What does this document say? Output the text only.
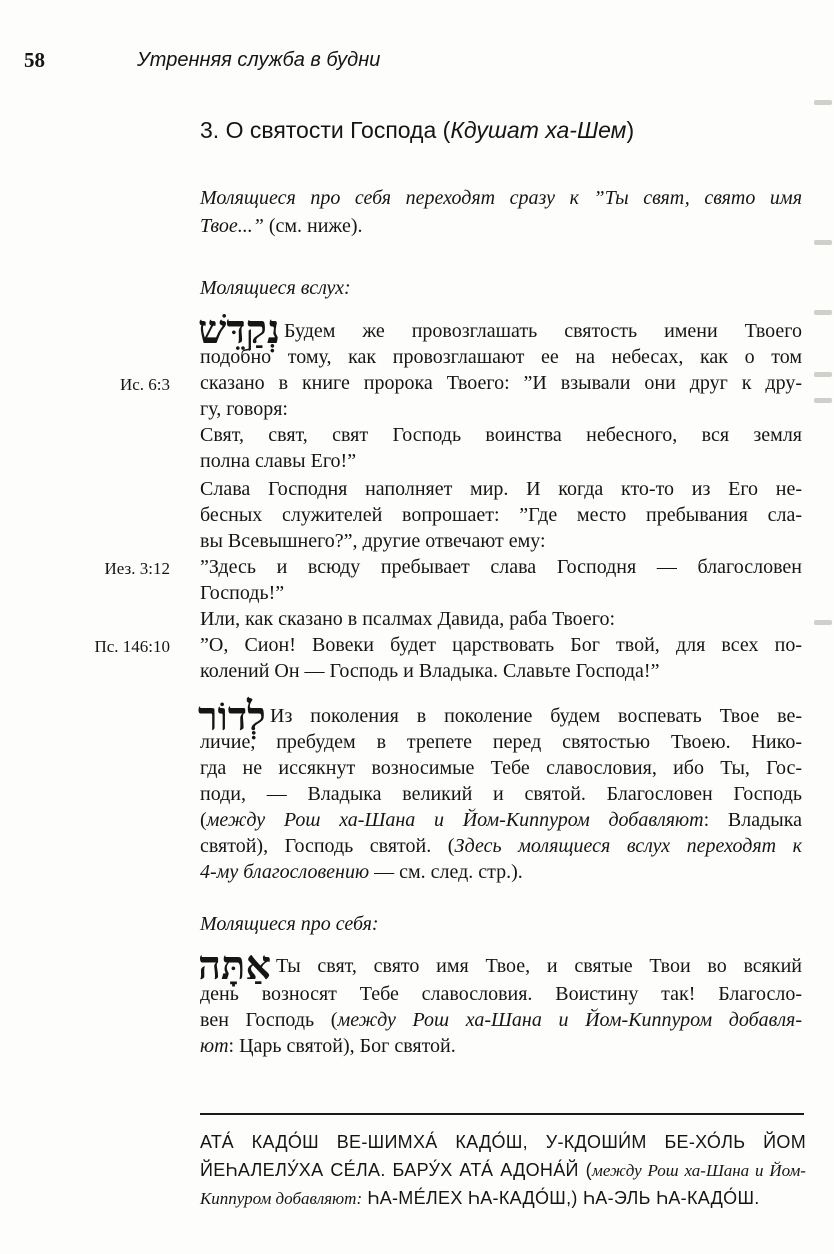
58	Утренняя служба в будни
3. О святости Господа (Кдушат ха-Шем)
Молящиеся про себя переходят сразу к ”Ты свят, свято имя
Твое...” (см. ниже).
Молящиеся вслух:
נְקַדֵּשׁ Будем же провозглашать святость имени Твоего
подобно тому, как провозглашают ее на небесах, как о том
сказано в книге пророка Твоего: ”И взывали они друг к дру-
гу, говоря:
Свят, свят, свят Господь воинства небесного, вся земля
полна славы Его!”
Слава Господня наполняет мир. И когда кто-то из Его не-
бесных служителей вопрошает: ”Где место пребывания сла-
вы Всевышнего?”, другие отвечают ему:
”Здесь и всюду пребывает слава Господня — благословен
Господь!”
Или, как сказано в псалмах Давида, раба Твоего:
”О, Сион! Вовеки будет царствовать Бог твой, для всех по-
колений Он — Господь и Владыка. Славьте Господа!”
Ис. 6:3
Иез. 3:12
Пс. 146:10
לְדוֹר Из поколения в поколение будем воспевать Твое ве-
личие, пребудем в трепете перед святостью Твоею. Нико-
гда не иссякнут возносимые Тебе славословия, ибо Ты, Гос-
поди, — Владыка великий и святой. Благословен Господь
(между Рош ха-Шана и Йом-Киппуром добавляют: Владыка
святой), Господь святой. (Здесь молящиеся вслух переходят к
4-му благословению — см. след. стр.).
Молящиеся про себя:
אַתָּה Ты свят, свято имя Твое, и святые Твои во всякий
день возносят Тебе славословия. Воистину так! Благосло-
вен Господь (между Рош ха-Шана и Йом-Киппуром добавля-
ют: Царь святой), Бог святой.
АТА́ КАДО́Ш ВЕ-ШИМХА́ КАДО́Ш, У-КДОШИ́М БЕ-ХО́ЛЬ ЙОМ
ЙЕҺАЛЕЛУ́ХА СЕ́ЛА. БАРУ́Х АТА́ АДОНА́Й (между Рош ха-Шана и Йом-
Киппуром добавляют: ҺА-МЕ́ЛЕХ ҺА-КАДО́Ш,) ҺА-ЭЛЬ ҺА-КАДО́Ш.
